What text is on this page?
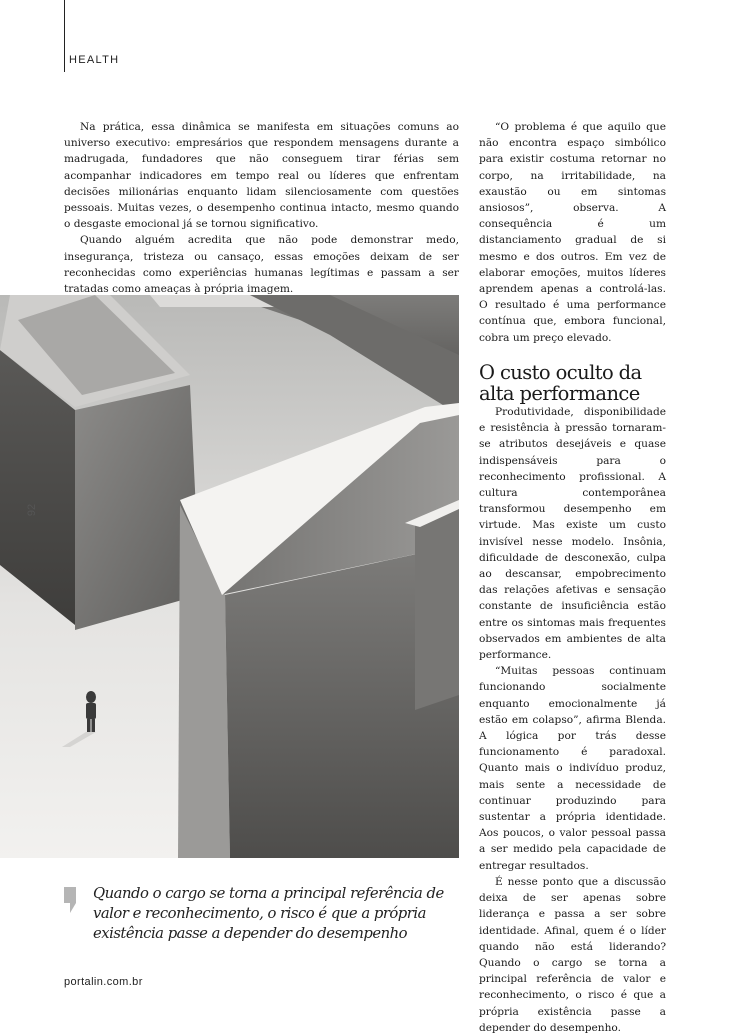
HEALTH

Na prática, essa dinâmica se manifesta em situações comuns ao universo executivo: empresários que respondem mensagens durante a madrugada, fundadores que não conseguem tirar férias sem acompanhar indicadores em tempo real ou líderes que enfrentam decisões milionárias enquanto lidam silenciosamente com questões pessoais. Muitas vezes, o desempenho continua intacto, mesmo quando o desgaste emocional já se tornou significativo.

Quando alguém acredita que não pode demonstrar medo, insegurança, tristeza ou cansaço, essas emoções deixam de ser reconhecidas como experiências humanas legítimas e passam a ser tratadas como ameaças à própria imagem.

“O problema é que aquilo que não encontra espaço simbólico para existir costuma retornar no corpo, na irritabilidade, na exaustão ou em sintomas ansiosos”, observa. A consequência é um distanciamento gradual de si mesmo e dos outros. Em vez de elaborar emoções, muitos líderes aprendem apenas a controlá-las. O resultado é uma performance contínua que, embora funcional, cobra um preço elevado.

O custo oculto da alta performance

Produtividade, disponibilidade e resistência à pressão tornaram-se atributos desejáveis e quase indispensáveis para o reconhecimento profissional. A cultura contemporânea transformou desempenho em virtude. Mas existe um custo invisível nesse modelo. Insônia, dificuldade de desconexão, culpa ao descansar, empobrecimento das relações afetivas e sensação constante de insuficiência estão entre os sintomas mais frequentes observados em ambientes de alta performance.

“Muitas pessoas continuam funcionando socialmente enquanto emocionalmente já estão em colapso”, afirma Blenda. A lógica por trás desse funcionamento é paradoxal. Quanto mais o indivíduo produz, mais sente a necessidade de continuar produzindo para sustentar a própria identidade. Aos poucos, o valor pessoal passa a ser medido pela capacidade de entregar resultados.

É nesse ponto que a discussão deixa de ser apenas sobre liderança e passa a ser sobre identidade. Afinal, quem é o líder quando não está liderando? Quando o cargo se torna a principal referência de valor e reconhecimento, o risco é que a própria existência passe a depender do desempenho.

92
Quando o cargo se torna a principal referência de valor e reconhecimento, o risco é que a própria existência passe a depender do desempenho
portalin.com.br
